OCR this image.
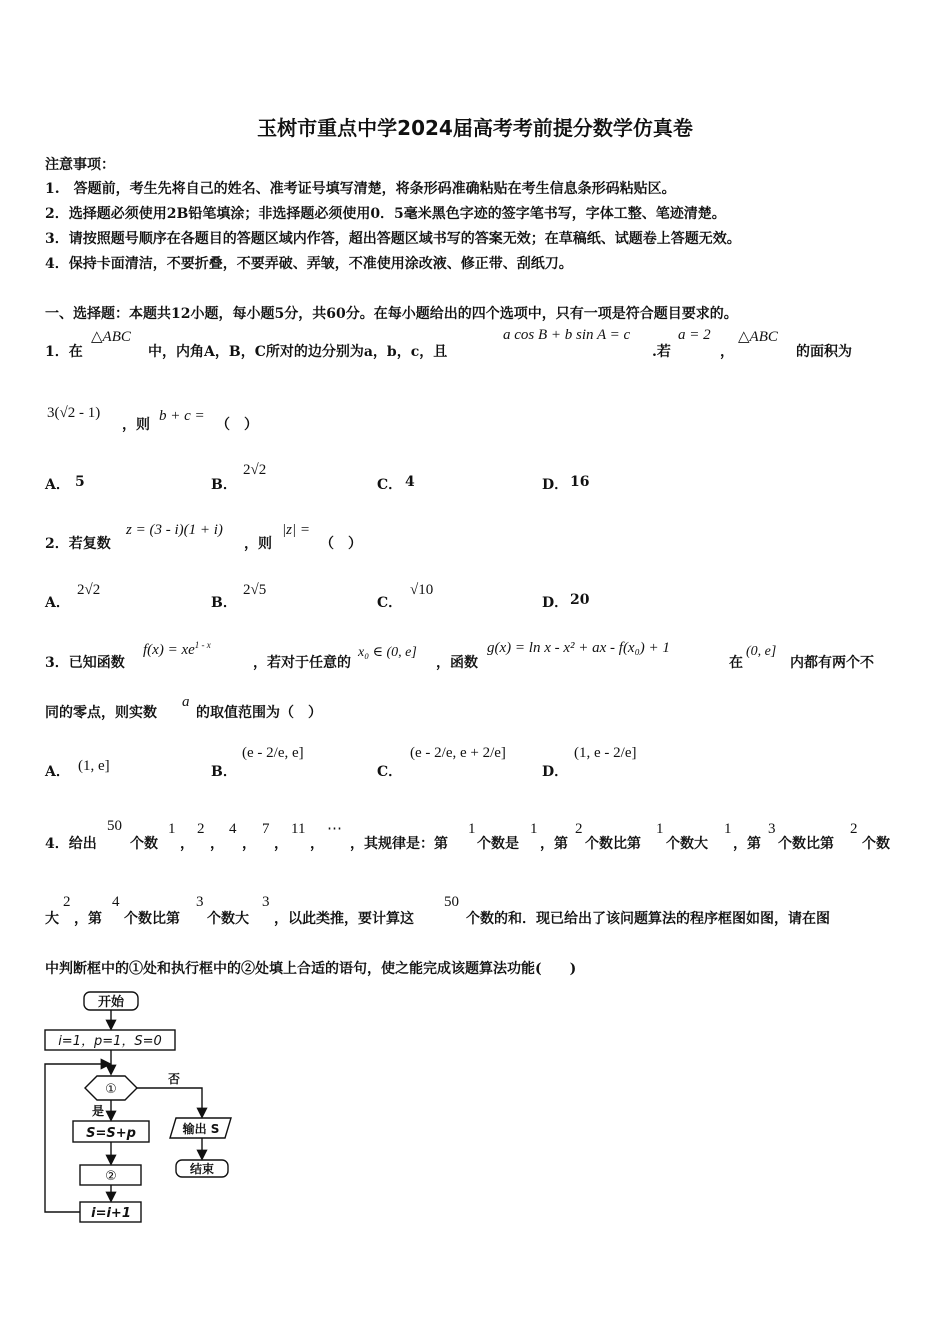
玉树市重点中学2024届高考考前提分数学仿真卷
注意事项：
1.　答题前，考生先将自己的姓名、准考证号填写清楚，将条形码准确粘贴在考生信息条形码粘贴区。
2．选择题必须使用2B铅笔填涂；非选择题必须使用0．5毫米黑色字迹的签字笔书写，字体工整、笔迹清楚。
3．请按照题号顺序在各题目的答题区域内作答，超出答题区域书写的答案无效；在草稿纸、试题卷上答题无效。
4．保持卡面清洁，不要折叠，不要弄破、弄皱，不准使用涂改液、修正带、刮纸刀。
一、选择题：本题共12小题，每小题5分，共60分。在每小题给出的四个选项中，只有一项是符合题目要求的。
1．在
△ABC
中，内角A，B，C所对的边分别为a，b，c，且
a cos B + b sin A = c
.若
a = 2
，
△ABC
的面积为
3(√2 - 1)
，则
b + c =
（　）
A． 5	B．
2√2
C． 4	D． 16
2．若复数
z = (3 - i)(1 + i)
，则
|z| =
（　）
A．
2√2
B．
2√5
C．
√10
D． 20
3．已知函数
$f(x) = xe^{1 - x}$
，若对于任意的
x₀ ∈ (0, e]
，函数
g(x) = ln x - x² + ax - f(x₀) + 1
在
(0, e]
内都有两个不
同的零点，则实数
a
的取值范围为（　）
A． (1, e]	B．
(e - 2/e, e]
C．
(e - 2/e, e + 2/e]
D．
(1, e - 2/e]
4．给出
50
个数
1
，
2
，
4
，
7
，
11
，
⋯
，其规律是：第
1
个数是
1
，第
2
个数比第
1
个数大
1
，第
3
个数比第
2
个数
大
2
，第
4
个数比第
3
个数大
3
，以此类推，要计算这
50
个数的和．现已给出了该问题算法的程序框图如图，请在图
中判断框中的①处和执行框中的②处填上合适的语句，使之能完成该题算法功能(　　)
开始
i=1，p=1，S=0
①
否
是
S=S+p
②
i=i+1
输出 S
结束
